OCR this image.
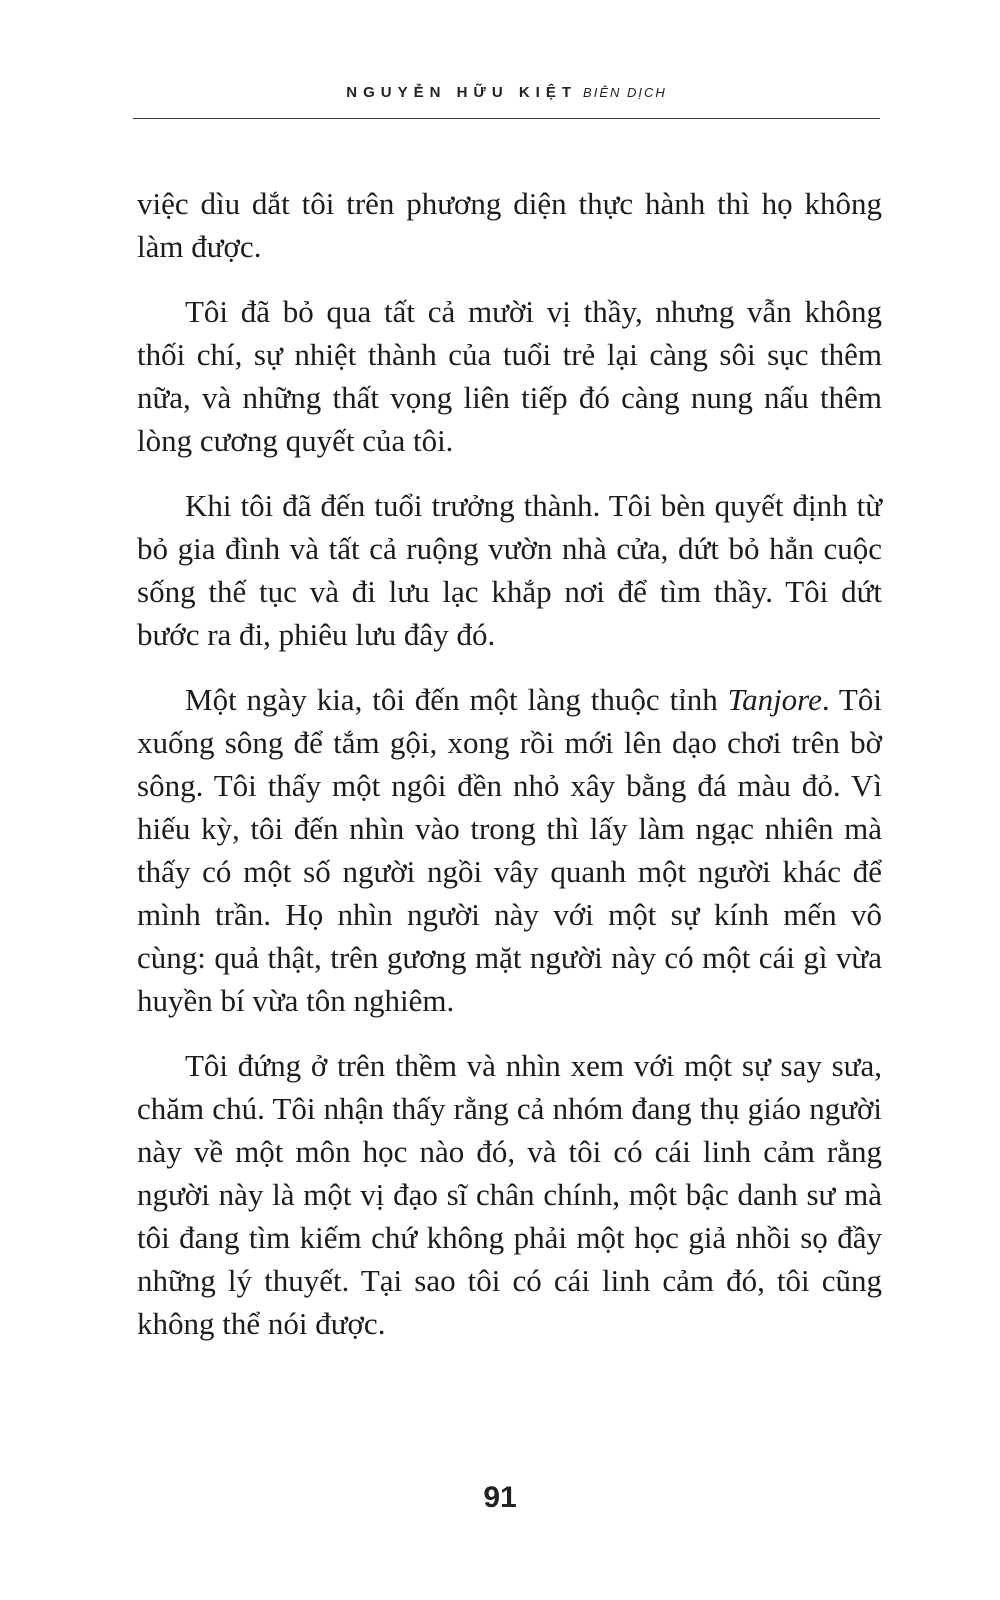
NGUYỄN HỮU KIỆT BIÊN DỊCH

việc dìu dắt tôi trên phương diện thực hành thì họ không làm được.

Tôi đã bỏ qua tất cả mười vị thầy, nhưng vẫn không thối chí, sự nhiệt thành của tuổi trẻ lại càng sôi sục thêm nữa, và những thất vọng liên tiếp đó càng nung nấu thêm lòng cương quyết của tôi.

Khi tôi đã đến tuổi trưởng thành. Tôi bèn quyết định từ bỏ gia đình và tất cả ruộng vườn nhà cửa, dứt bỏ hẳn cuộc sống thế tục và đi lưu lạc khắp nơi để tìm thầy. Tôi dứt bước ra đi, phiêu lưu đây đó.

Một ngày kia, tôi đến một làng thuộc tỉnh Tanjore. Tôi xuống sông để tắm gội, xong rồi mới lên dạo chơi trên bờ sông. Tôi thấy một ngôi đền nhỏ xây bằng đá màu đỏ. Vì hiếu kỳ, tôi đến nhìn vào trong thì lấy làm ngạc nhiên mà thấy có một số người ngồi vây quanh một người khác để mình trần. Họ nhìn người này với một sự kính mến vô cùng: quả thật, trên gương mặt người này có một cái gì vừa huyền bí vừa tôn nghiêm.

Tôi đứng ở trên thềm và nhìn xem với một sự say sưa, chăm chú. Tôi nhận thấy rằng cả nhóm đang thụ giáo người này về một môn học nào đó, và tôi có cái linh cảm rằng người này là một vị đạo sĩ chân chính, một bậc danh sư mà tôi đang tìm kiếm chứ không phải một học giả nhồi sọ đầy những lý thuyết. Tại sao tôi có cái linh cảm đó, tôi cũng không thể nói được.

91
